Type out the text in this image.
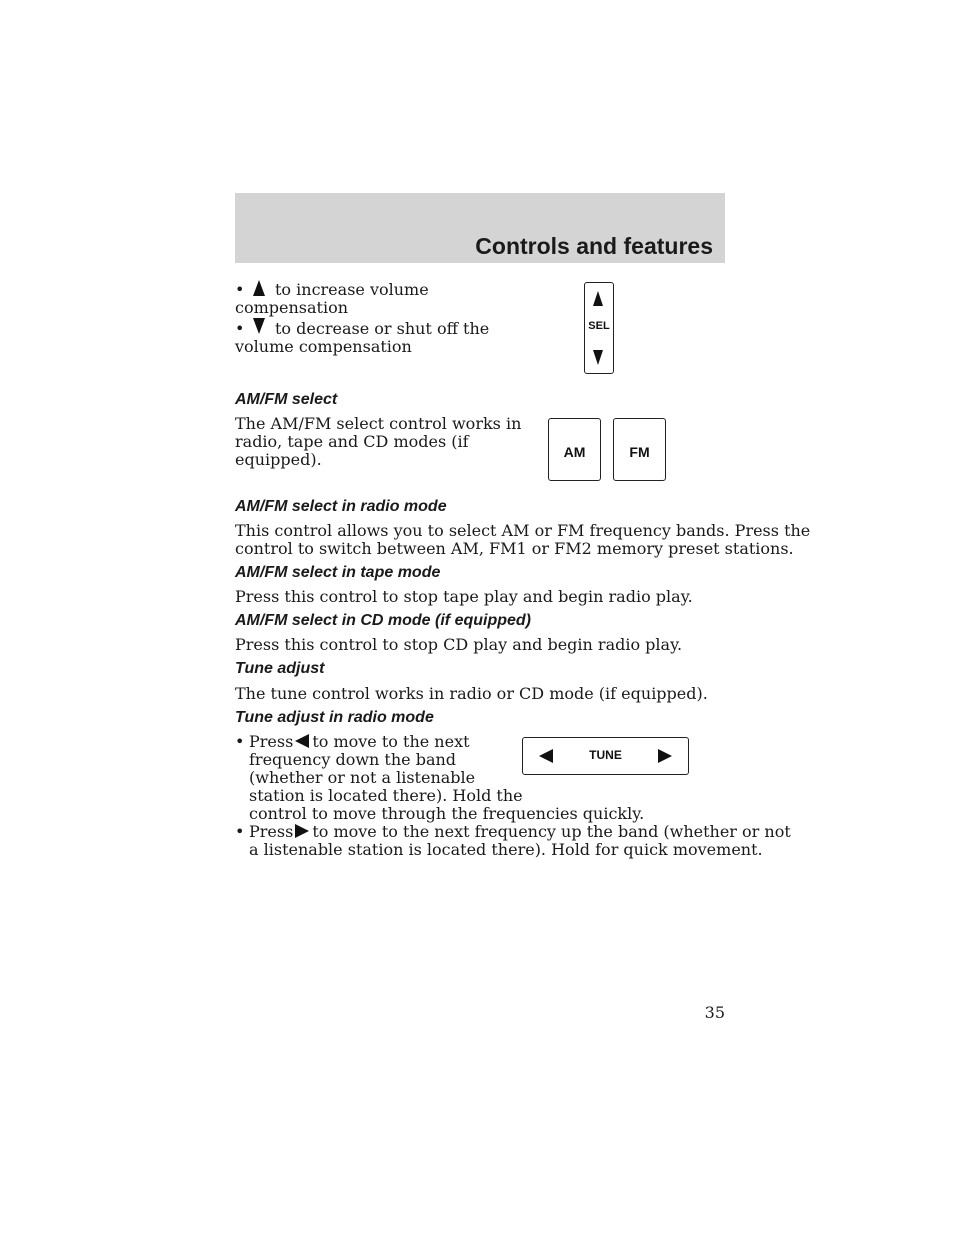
Controls and features
• to increase volume
compensation
• to decrease or shut off the
volume compensation
SEL
AM/FM select
The AM/FM select control works in
radio, tape and CD modes (if
equipped).	AM	FM
AM/FM select in radio mode
This control allows you to select AM or FM frequency bands. Press the
control to switch between AM, FM1 or FM2 memory preset stations.
AM/FM select in tape mode
Press this control to stop tape play and begin radio play.
AM/FM select in CD mode (if equipped)
Press this control to stop CD play and begin radio play.
Tune adjust
The tune control works in radio or CD mode (if equipped).
Tune adjust in radio mode
• Press to move to the next
frequency down the band
(whether or not a listenable
station is located there). Hold the
control to move through the frequencies quickly.
TUNE
• Press to move to the next frequency up the band (whether or not
a listenable station is located there). Hold for quick movement.
35
